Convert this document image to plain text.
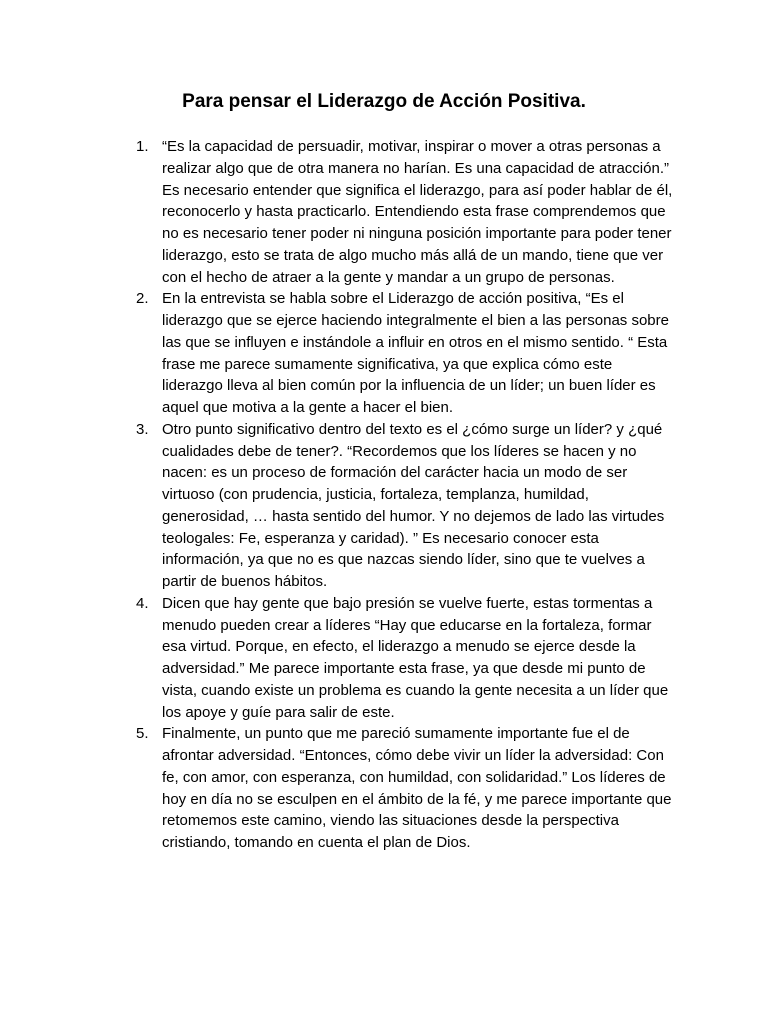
Para pensar el Liderazgo de Acción Positiva.
1. “Es la capacidad de persuadir, motivar, inspirar o mover a otras personas a realizar algo que de otra manera no harían. Es una capacidad de atracción.” Es necesario entender que significa el liderazgo, para así poder hablar de él, reconocerlo y hasta practicarlo. Entendiendo esta frase comprendemos que no es necesario tener poder ni ninguna posición importante para poder tener liderazgo, esto se trata de algo mucho más allá de un mando, tiene que ver con el hecho de atraer a la gente y mandar a un grupo de personas.
2. En la entrevista se habla sobre el Liderazgo de acción positiva, “Es el liderazgo que se ejerce haciendo integralmente el bien a las personas sobre las que se influyen e instándole a influir en otros en el mismo sentido. “ Esta frase me parece sumamente significativa, ya que explica cómo este liderazgo lleva al bien común por la influencia de un líder; un buen líder es aquel que motiva a la gente a hacer el bien.
3. Otro punto significativo dentro del texto es el ¿cómo surge un líder? y ¿qué cualidades debe de tener?. “Recordemos que los líderes se hacen y no nacen: es un proceso de formación del carácter hacia un modo de ser virtuoso (con prudencia, justicia, fortaleza, templanza, humildad, generosidad, … hasta sentido del humor. Y no dejemos de lado las virtudes teologales: Fe, esperanza y caridad). ” Es necesario conocer esta información, ya que no es que nazcas siendo líder, sino que te vuelves a partir de buenos hábitos.
4. Dicen que hay gente que bajo presión se vuelve fuerte, estas tormentas a menudo pueden crear a líderes “Hay que educarse en la fortaleza, formar esa virtud. Porque, en efecto, el liderazgo a menudo se ejerce desde la adversidad.” Me parece importante esta frase, ya que desde mi punto de vista, cuando existe un problema es cuando la gente necesita a un líder que los apoye y guíe para salir de este.
5. Finalmente, un punto que me pareció sumamente importante fue el de afrontar adversidad. “Entonces, cómo debe vivir un líder la adversidad: Con fe, con amor, con esperanza, con humildad, con solidaridad.” Los líderes de hoy en día no se esculpen en el ámbito de la fé, y me parece importante que retomemos este camino, viendo las situaciones desde la perspectiva cristiando, tomando en cuenta el plan de Dios.
